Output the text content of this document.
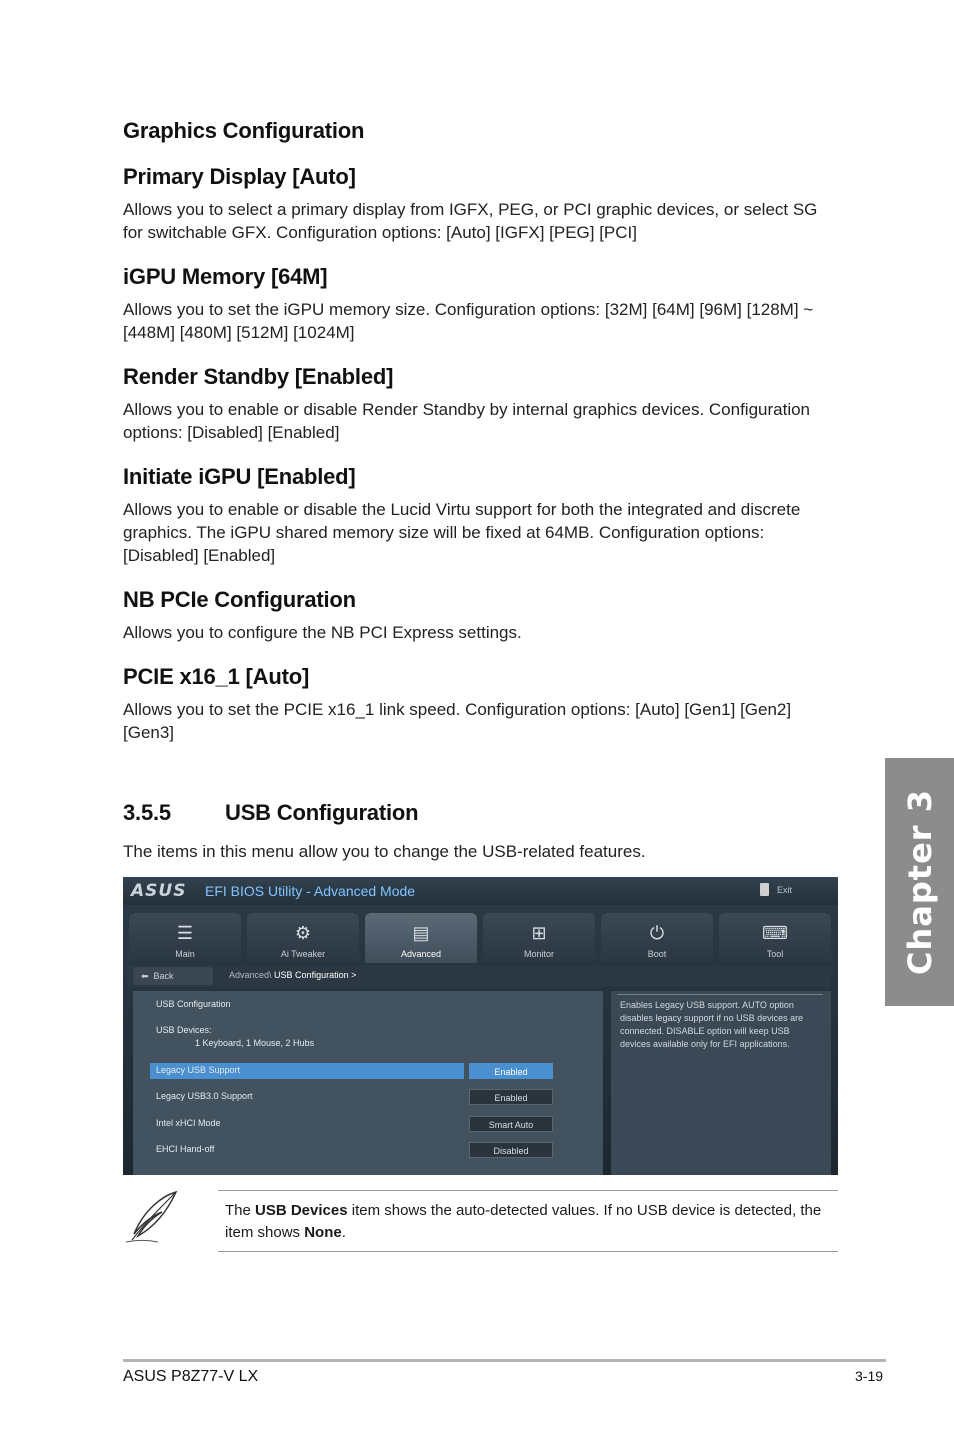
Graphics Configuration
Primary Display [Auto]

Allows you to select a primary display from IGFX, PEG, or PCI graphic devices, or select SG for switchable GFX. Configuration options: [Auto] [IGFX] [PEG] [PCI]

iGPU Memory [64M]

Allows you to set the iGPU memory size. Configuration options: [32M] [64M] [96M] [128M] ~ [448M] [480M] [512M] [1024M]

Render Standby [Enabled]

Allows you to enable or disable Render Standby by internal graphics devices. Configuration options: [Disabled] [Enabled]

Initiate iGPU [Enabled]

Allows you to enable or disable the Lucid Virtu support for both the integrated and discrete graphics. The iGPU shared memory size will be fixed at 64MB. Configuration options: [Disabled] [Enabled]

NB PCIe Configuration

Allows you to configure the NB PCI Express settings.

PCIE x16_1 [Auto]

Allows you to set the PCIE x16_1 link speed. Configuration options: [Auto] [Gen1] [Gen2] [Gen3]

3.5.5 USB Configuration

The items in this menu allow you to change the USB-related features.	Chapter 3
ASUS EFI BIOS Utility - Advanced Mode	Exit
☰
Main
⚙
Ai Tweaker
▤
Advanced
⊞
Monitor
⏻
Boot
⌨
Tool
⬅  Back	Advanced\ USB Configuration >
Enables Legacy USB support. AUTO option disables legacy support if no USB devices are connected. DISABLE option will keep USB devices available only for EFI applications.
USB Configuration
USB Devices:
1 Keyboard, 1 Mouse, 2 Hubs
Legacy USB Support	Enabled
Legacy USB3.0 Support	Enabled
Intel xHCI Mode	Smart Auto
EHCI Hand-off	Disabled
The USB Devices item shows the auto-detected values. If no USB device is detected, the item shows None.
ASUS P8Z77-V LX	3-19
